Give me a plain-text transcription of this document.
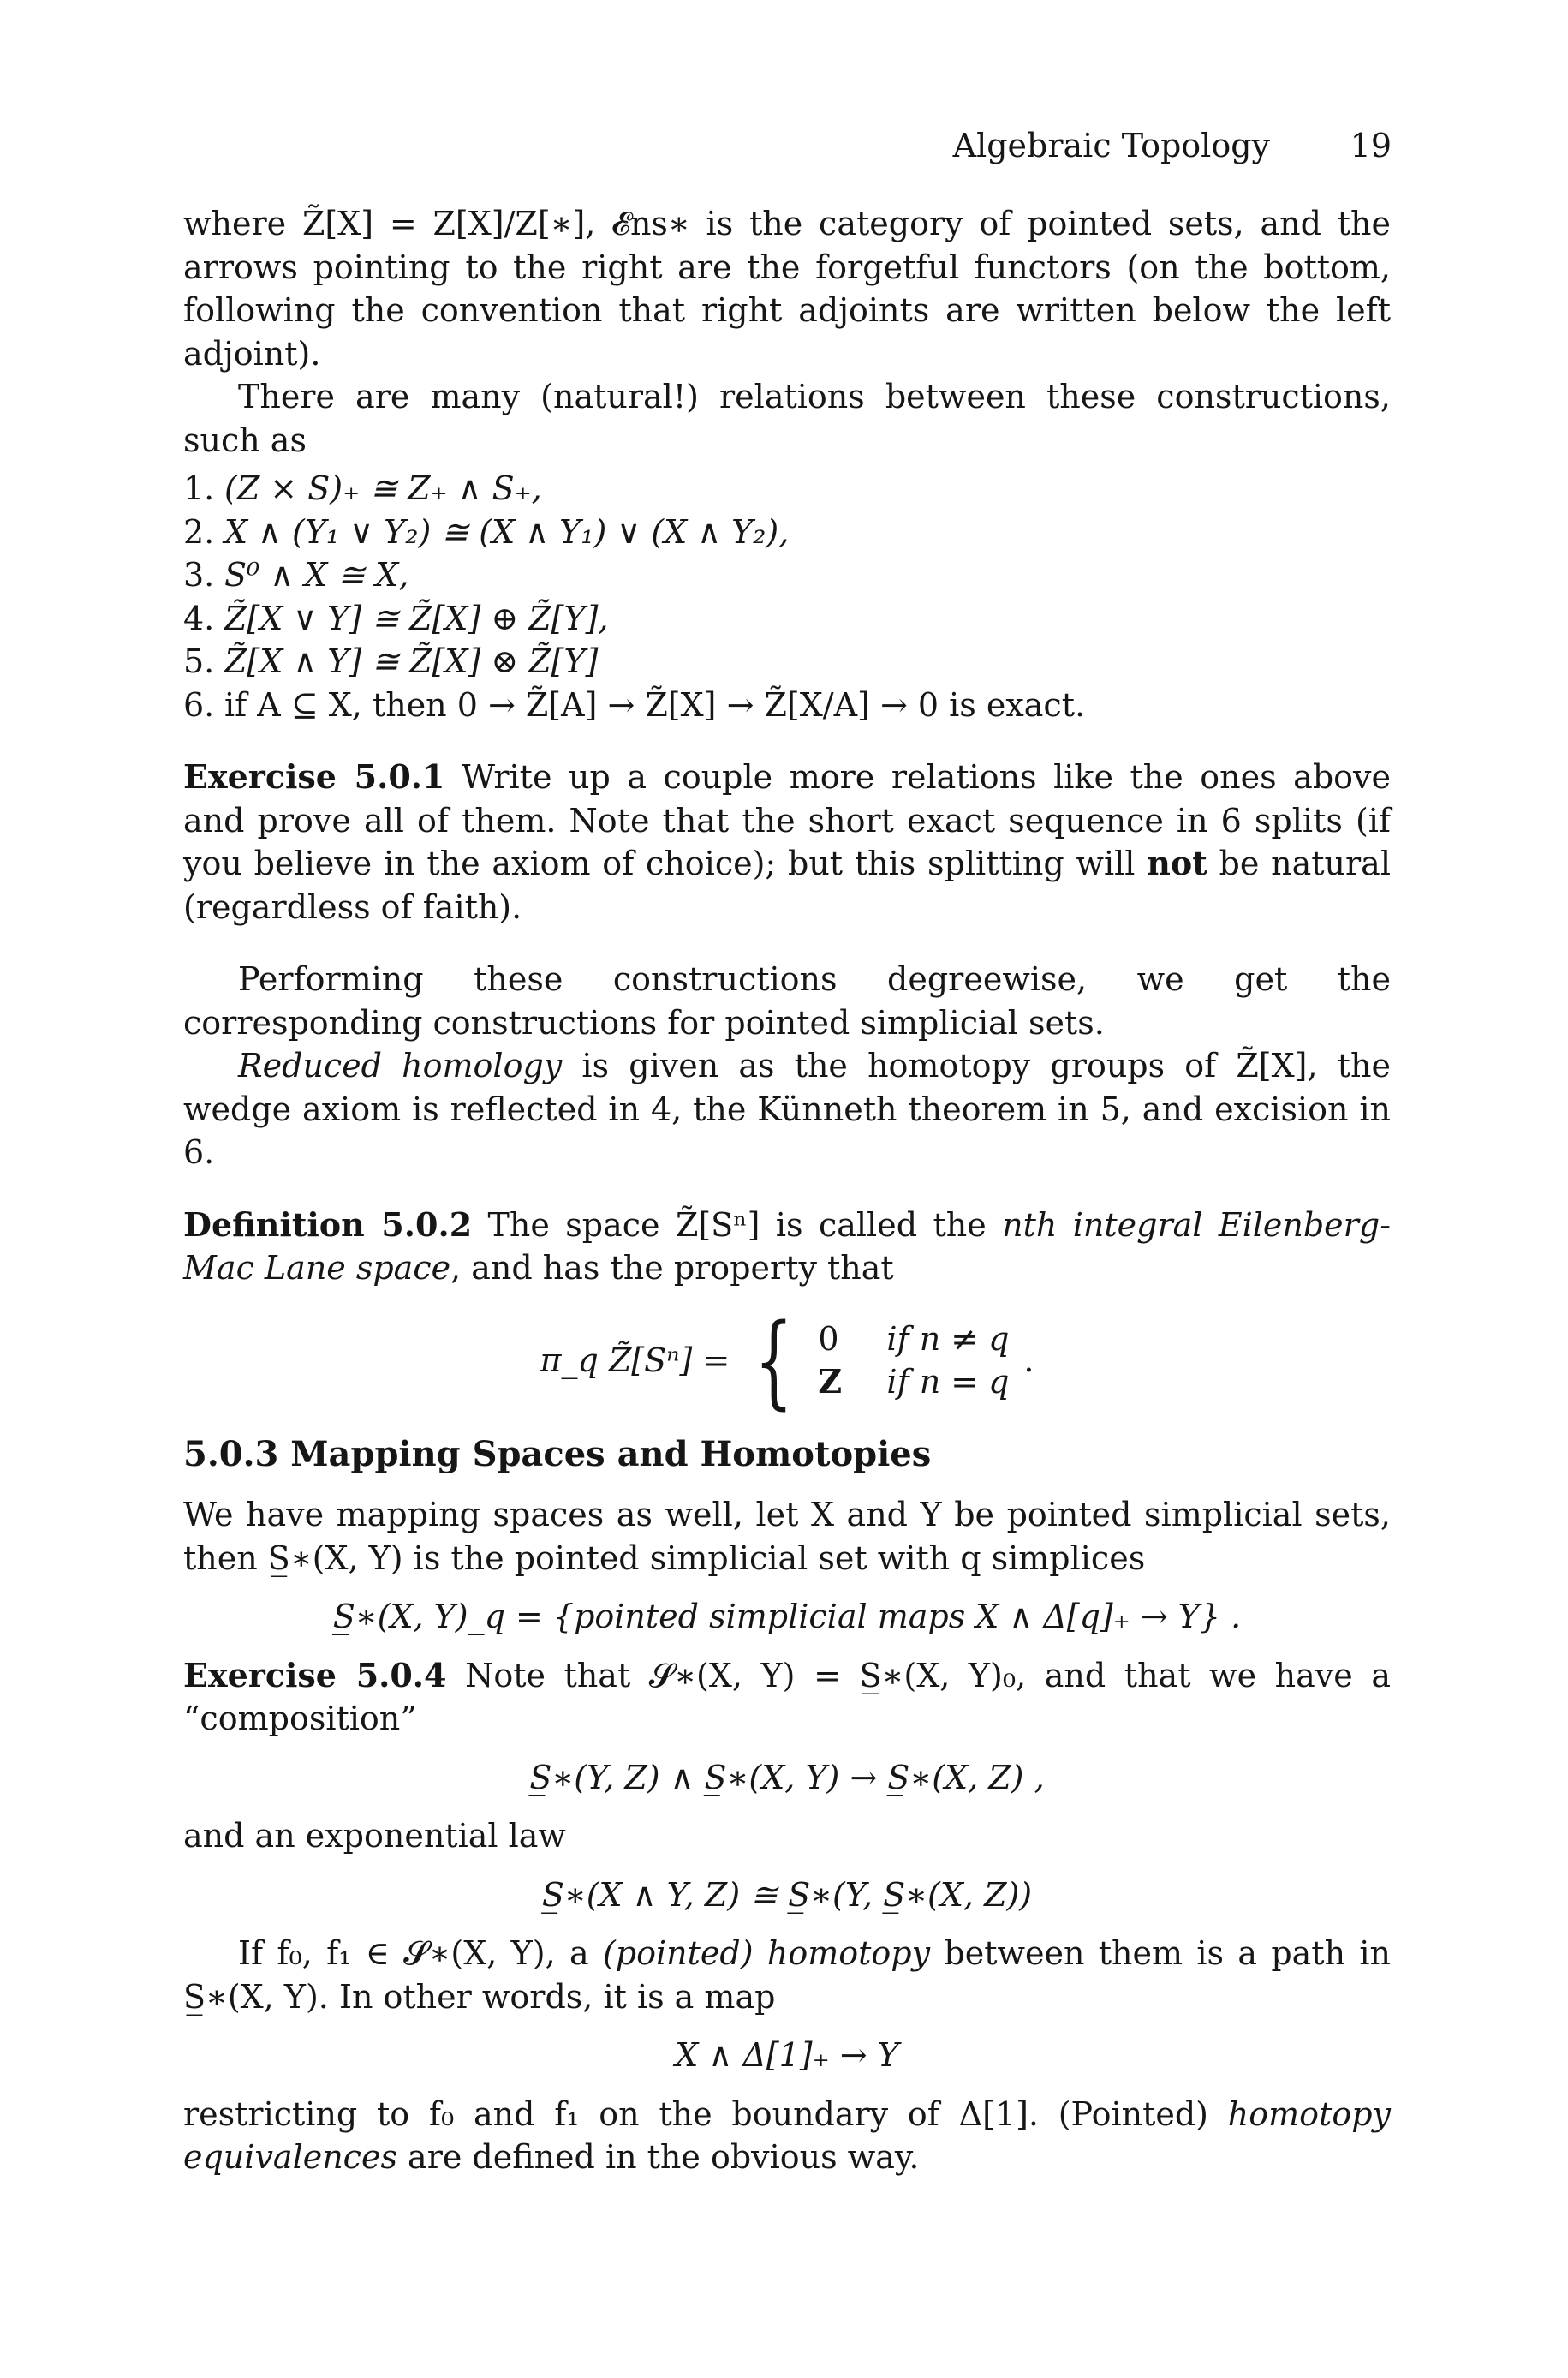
Algebraic Topology 19

where Z̃[X] = Z[X]/Z[∗], 𝓔ns∗ is the category of pointed sets, and the arrows pointing to the right are the forgetful functors (on the bottom, following the convention that right adjoints are written below the left adjoint).

There are many (natural!) relations between these constructions, such as

1. (Z × S)₊ ≅ Z₊ ∧ S₊,
2. X ∧ (Y₁ ∨ Y₂) ≅ (X ∧ Y₁) ∨ (X ∧ Y₂),
3. S⁰ ∧ X ≅ X,
4. Z̃[X ∨ Y] ≅ Z̃[X] ⊕ Z̃[Y],
5. Z̃[X ∧ Y] ≅ Z̃[X] ⊗ Z̃[Y]
6. if A ⊆ X, then 0 → Z̃[A] → Z̃[X] → Z̃[X/A] → 0 is exact.

Exercise 5.0.1 Write up a couple more relations like the ones above and prove all of them. Note that the short exact sequence in 6 splits (if you believe in the axiom of choice); but this splitting will not be natural (regardless of faith).

Performing these constructions degreewise, we get the corresponding constructions for pointed simplicial sets.

Reduced homology is given as the homotopy groups of Z̃[X], the wedge axiom is reflected in 4, the Künneth theorem in 5, and excision in 6.

Definition 5.0.2 The space Z̃[Sⁿ] is called the nth integral Eilenberg-Mac Lane space, and has the property that

π_q Z̃[Sⁿ] = { 0	if n ≠ q
Z	if n = q
.
5.0.3 Mapping Spaces and Homotopies

We have mapping spaces as well, let X and Y be pointed simplicial sets, then S̲∗(X, Y) is the pointed simplicial set with q simplices

S̲∗(X, Y)_q = {pointed simplicial maps X ∧ Δ[q]₊ → Y} .

Exercise 5.0.4 Note that 𝓢∗(X, Y) = S̲∗(X, Y)₀, and that we have a “composition”

S̲∗(Y, Z) ∧ S̲∗(X, Y) → S̲∗(X, Z) ,

and an exponential law

S̲∗(X ∧ Y, Z) ≅ S̲∗(Y, S̲∗(X, Z))

If f₀, f₁ ∈ 𝓢∗(X, Y), a (pointed) homotopy between them is a path in S̲∗(X, Y). In other words, it is a map

X ∧ Δ[1]₊ → Y

restricting to f₀ and f₁ on the boundary of Δ[1]. (Pointed) homotopy equivalences are defined in the obvious way.
